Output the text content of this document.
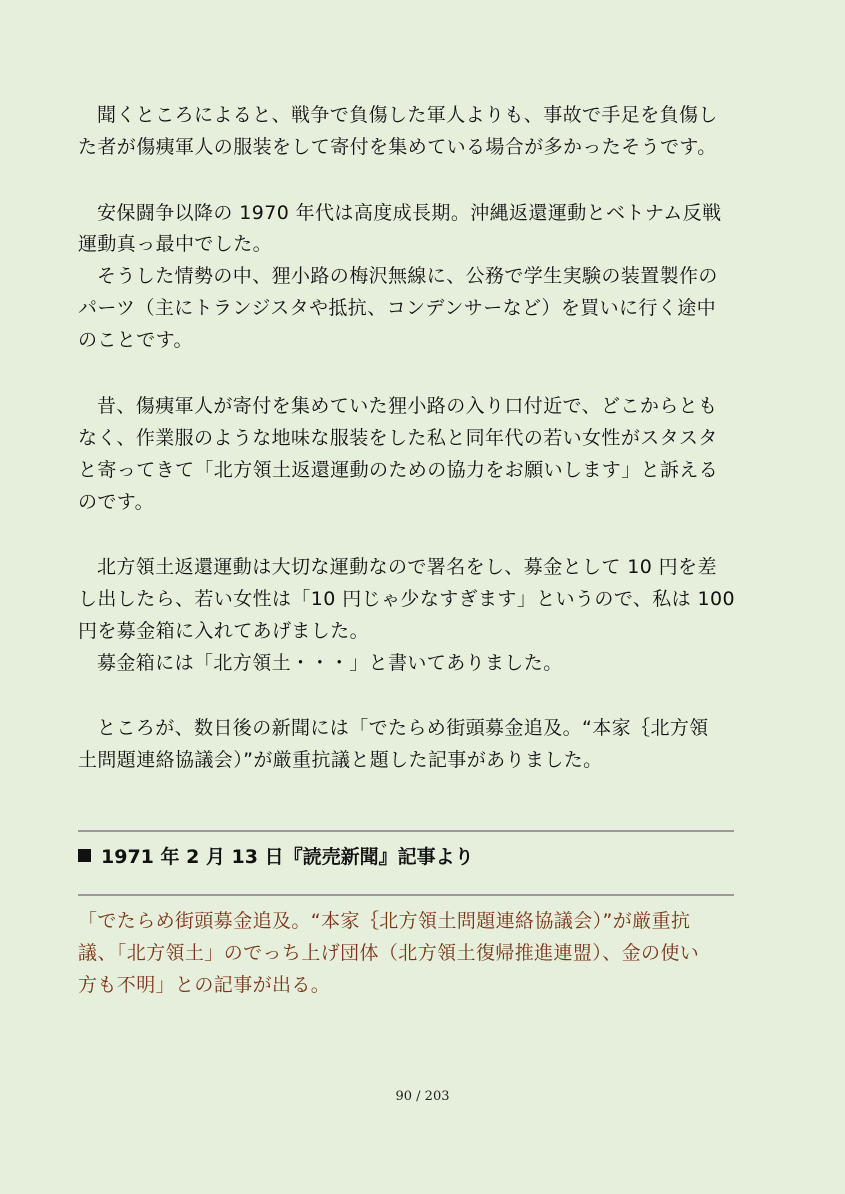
聞くところによると、戦争で負傷した軍人よりも、事故で手足を負傷し
た者が傷痍軍人の服装をして寄付を集めている場合が多かったそうです。
安保闘争以降の 1970 年代は高度成長期。沖縄返還運動とベトナム反戦
運動真っ最中でした。
そうした情勢の中、狸小路の梅沢無線に、公務で学生実験の装置製作の
パーツ（主にトランジスタや抵抗、コンデンサーなど）を買いに行く途中
のことです。
昔、傷痍軍人が寄付を集めていた狸小路の入り口付近で、どこからとも
なく、作業服のような地味な服装をした私と同年代の若い女性がスタスタ
と寄ってきて「北方領土返還運動のための協力をお願いします」と訴える
のです。
北方領土返還運動は大切な運動なので署名をし、募金として 10 円を差
し出したら、若い女性は「10 円じゃ少なすぎます」というので、私は 100
円を募金箱に入れてあげました。
募金箱には「北方領土・・・」と書いてありました。
ところが、数日後の新聞には「でたらめ街頭募金追及。“本家｛北方領
土問題連絡協議会）”が厳重抗議と題した記事がありました。
1971 年 2 月 13 日『読売新聞』記事より
「でたらめ街頭募金追及。“本家｛北方領土問題連絡協議会）”が厳重抗
議、「北方領土」のでっち上げ団体（北方領土復帰推進連盟）、金の使い
方も不明」との記事が出る。
90 / 203
